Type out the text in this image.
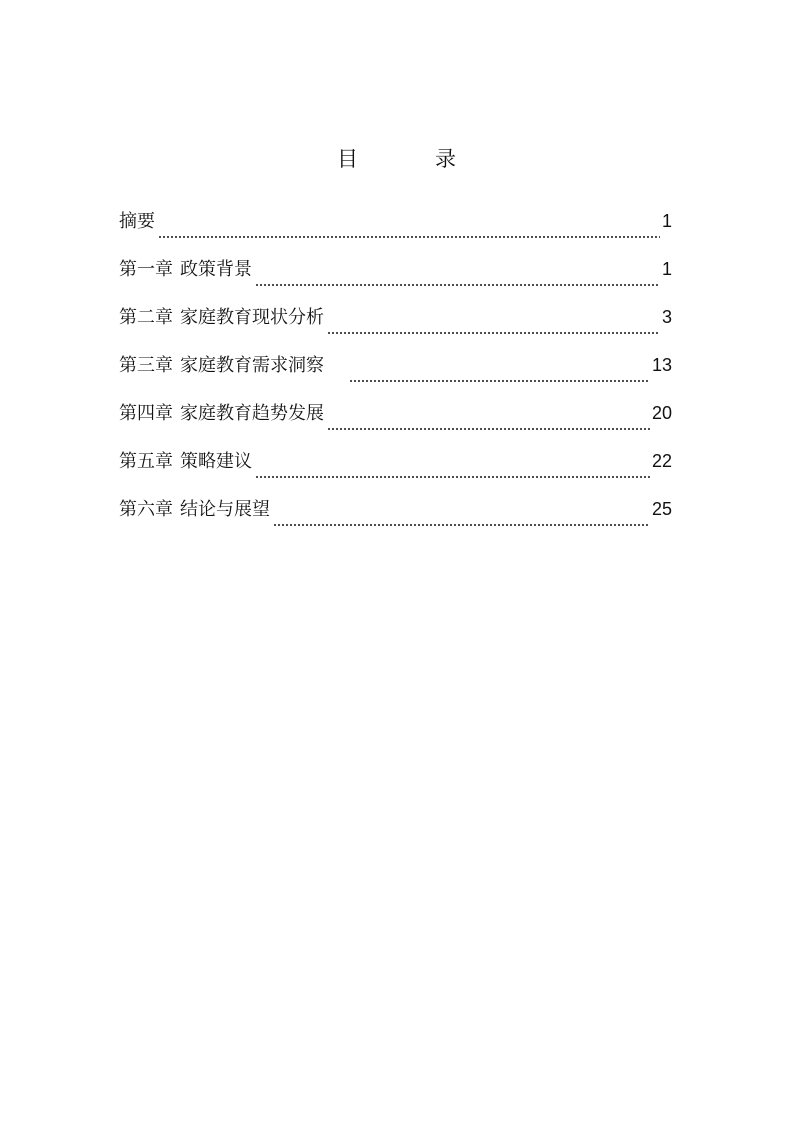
目　录
摘要	1
第一章 政策背景	1
第二章 家庭教育现状分析	3
第三章 家庭教育需求洞察	13
第四章 家庭教育趋势发展	20
第五章 策略建议	22
第六章 结论与展望	25
